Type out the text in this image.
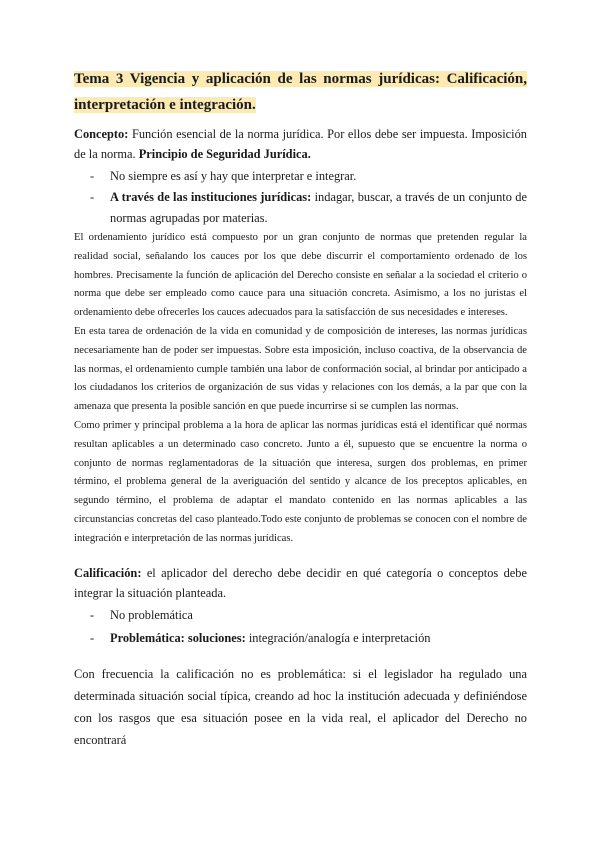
Tema 3 Vigencia y aplicación de las normas jurídicas: Calificación, interpretación e integración.

Concepto: Función esencial de la norma jurídica. Por ellos debe ser impuesta. Imposición de la norma. Principio de Seguridad Jurídica.

- No siempre es así y hay que interpretar e integrar.
- A través de las instituciones jurídicas: indagar, buscar, a través de un conjunto de normas agrupadas por materias.

El ordenamiento jurídico está compuesto por un gran conjunto de normas que pretenden regular la realidad social, señalando los cauces por los que debe discurrir el comportamiento ordenado de los hombres. Precisamente la función de aplicación del Derecho consiste en señalar a la sociedad el criterio o norma que debe ser empleado como cauce para una situación concreta. Asimismo, a los no juristas el ordenamiento debe ofrecerles los cauces adecuados para la satisfacción de sus necesidades e intereses.

En esta tarea de ordenación de la vida en comunidad y de composición de intereses, las normas jurídicas necesariamente han de poder ser impuestas. Sobre esta imposición, incluso coactiva, de la observancia de las normas, el ordenamiento cumple también una labor de conformación social, al brindar por anticipado a los ciudadanos los criterios de organización de sus vidas y relaciones con los demás, a la par que con la amenaza que presenta la posible sanción en que puede incurrirse si se cumplen las normas.

Como primer y principal problema a la hora de aplicar las normas jurídicas está el identificar qué normas resultan aplicables a un determinado caso concreto. Junto a él, supuesto que se encuentre la norma o conjunto de normas reglamentadoras de la situación que interesa, surgen dos problemas, en primer término, el problema general de la averiguación del sentido y alcance de los preceptos aplicables, en segundo término, el problema de adaptar el mandato contenido en las normas aplicables a las circunstancias concretas del caso planteado.Todo este conjunto de problemas se conocen con el nombre de integración e interpretación de las normas jurídicas.

Calificación: el aplicador del derecho debe decidir en qué categoría o conceptos debe integrar la situación planteada.

- No problemática
- Problemática: soluciones: integración/analogía e interpretación

Con frecuencia la calificación no es problemática: si el legislador ha regulado una determinada situación social típica, creando ad hoc la institución adecuada y definiéndose con los rasgos que esa situación posee en la vida real, el aplicador del Derecho no encontrará
